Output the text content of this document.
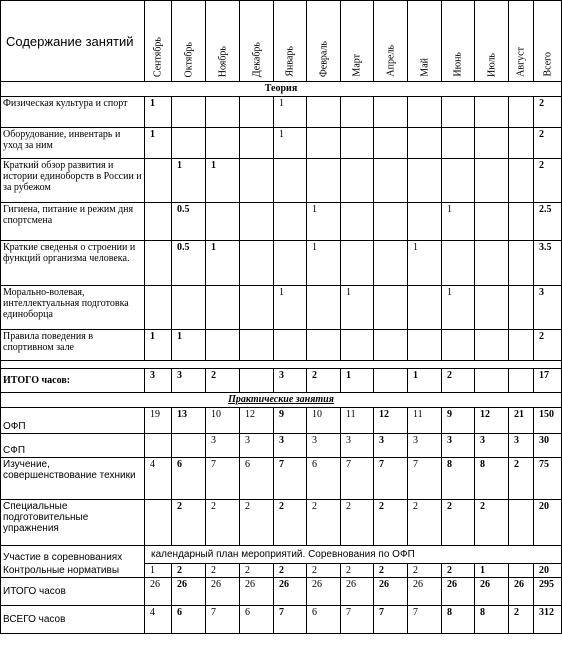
Содержание занятий	Сентябрь	Октябрь	Ноябрь	Декабрь	Январь	Февраль	Март	Апрель	Май	Июнь	Июль	Август	Всего

Теория													
Физическая культура и спорт	1				1								2
Оборудование, инвентарь и уход за ним	1				1								2
Краткий обзор развития и истории единоборств в России и за рубежом		1	1										2
Гигиена, питание и режим дня спортсмена		0.5				1				1			2.5
Краткие сведенья о строении и функций организма человека.		0.5	1			1			1				3.5
Морально-волевая, интеллектуальная подготовка единоборца					1		1			1			3
Правила поведения в спортивном зале	1	1											2

ИТОГО часов:	3	3	2		3	2	1		1	2			17
Практические занятия													
ОФП	19	13	10	12	9	10	11	12	11	9	12	21	150
СФП			3	3	3	3	3	3	3	3	3	3	30
Изучение, совершенствование техники	4	6	7	6	7	6	7	7	7	8	8	2	75
Специальные подготовительные упражнения		2	2	2	2	2	2	2	2	2	2		20
Участие в соревнованиях	календарный план мероприятий. Соревнования по ОФП												
Контрольные нормативы	1	2	2	2	2	2	2	2	2	2	1		20
ИТОГО часов	26	26	26	26	26	26	26	26	26	26	26	26	295
ВСЕГО часов	4	6	7	6	7	6	7	7	7	8	8	2	312
